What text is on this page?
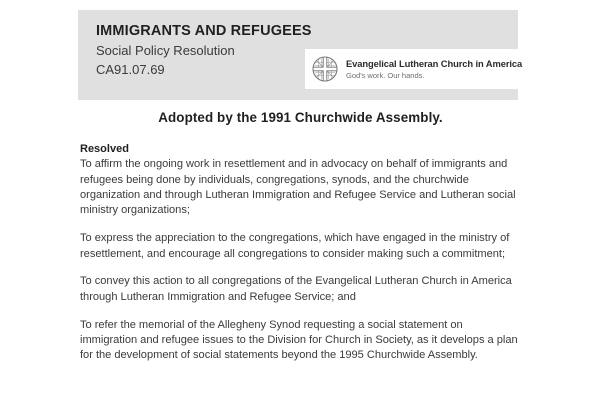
IMMIGRANTS AND REFUGEES
Social Policy Resolution
CA91.07.69	Evangelical Lutheran Church in America
God's work. Our hands.
Adopted by the 1991 Churchwide Assembly.
Resolved

To affirm the ongoing work in resettlement and in advocacy on behalf of immigrants and refugees being done by individuals, congregations, synods, and the churchwide organization and through Lutheran Immigration and Refugee Service and Lutheran social ministry organizations;

To express the appreciation to the congregations, which have engaged in the ministry of resettlement, and encourage all congregations to consider making such a commitment;

To convey this action to all congregations of the Evangelical Lutheran Church in America through Lutheran Immigration and Refugee Service; and

To refer the memorial of the Allegheny Synod requesting a social statement on immigration and refugee issues to the Division for Church in Society, as it develops a plan for the development of social statements beyond the 1995 Churchwide Assembly.
